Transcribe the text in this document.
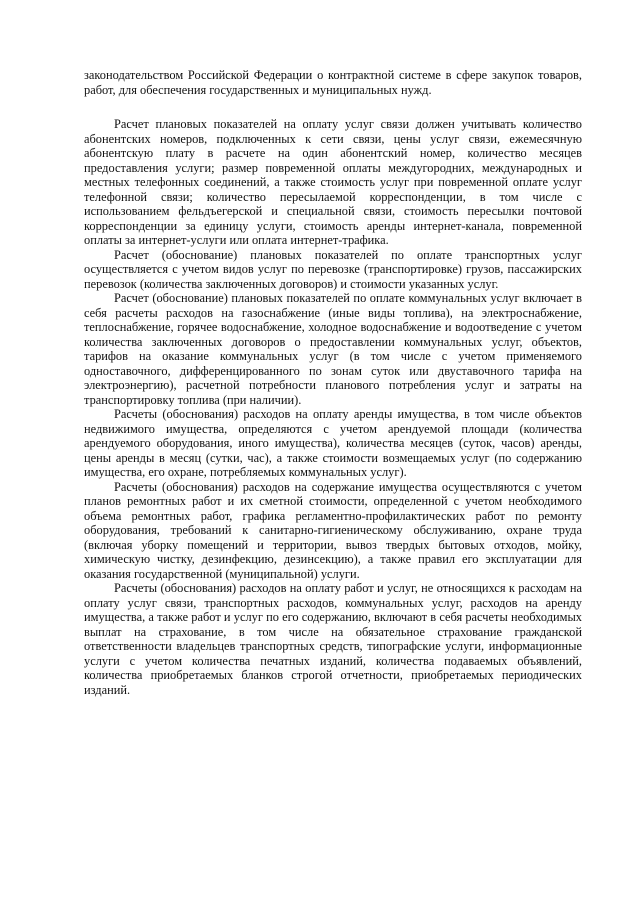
законодательством Российской Федерации о контрактной системе в сфере закупок товаров, работ, для обеспечения государственных и муниципальных нужд.

Расчет плановых показателей на оплату услуг связи должен учитывать количество абонентских номеров, подключенных к сети связи, цены услуг связи, ежемесячную абонентскую плату в расчете на один абонентский номер, количество месяцев предоставления услуги; размер повременной оплаты междугородних, международных и местных телефонных соединений, а также стоимость услуг при повременной оплате услуг телефонной связи; количество пересылаемой корреспонденции, в том числе с использованием фельдъегерской и специальной связи, стоимость пересылки почтовой корреспонденции за единицу услуги, стоимость аренды интернет-канала, повременной оплаты за интернет-услуги или оплата интернет-трафика.

Расчет (обоснование) плановых показателей по оплате транспортных услуг осуществляется с учетом видов услуг по перевозке (транспортировке) грузов, пассажирских перевозок (количества заключенных договоров) и стоимости указанных услуг.

Расчет (обоснование) плановых показателей по оплате коммунальных услуг включает в себя расчеты расходов на газоснабжение (иные виды топлива), на электроснабжение, теплоснабжение, горячее водоснабжение, холодное водоснабжение и водоотведение с учетом количества заключенных договоров о предоставлении коммунальных услуг, объектов, тарифов на оказание коммунальных услуг (в том числе с учетом применяемого одноставочного, дифференцированного по зонам суток или двуставочного тарифа на электроэнергию), расчетной потребности планового потребления услуг и затраты на транспортировку топлива (при наличии).

Расчеты (обоснования) расходов на оплату аренды имущества, в том числе объектов недвижимого имущества, определяются с учетом арендуемой площади (количества арендуемого оборудования, иного имущества), количества месяцев (суток, часов) аренды, цены аренды в месяц (сутки, час), а также стоимости возмещаемых услуг (по содержанию имущества, его охране, потребляемых коммунальных услуг).

Расчеты (обоснования) расходов на содержание имущества осуществляются с учетом планов ремонтных работ и их сметной стоимости, определенной с учетом необходимого объема ремонтных работ, графика регламентно-профилактических работ по ремонту оборудования, требований к санитарно-гигиеническому обслуживанию, охране труда (включая уборку помещений и территории, вывоз твердых бытовых отходов, мойку, химическую чистку, дезинфекцию, дезинсекцию), а также правил его эксплуатации для оказания государственной (муниципальной) услуги.

Расчеты (обоснования) расходов на оплату работ и услуг, не относящихся к расходам на оплату услуг связи, транспортных расходов, коммунальных услуг, расходов на аренду имущества, а также работ и услуг по его содержанию, включают в себя расчеты необходимых выплат на страхование, в том числе на обязательное страхование гражданской ответственности владельцев транспортных средств, типографские услуги, информационные услуги с учетом количества печатных изданий, количества подаваемых объявлений, количества приобретаемых бланков строгой отчетности, приобретаемых периодических изданий.
